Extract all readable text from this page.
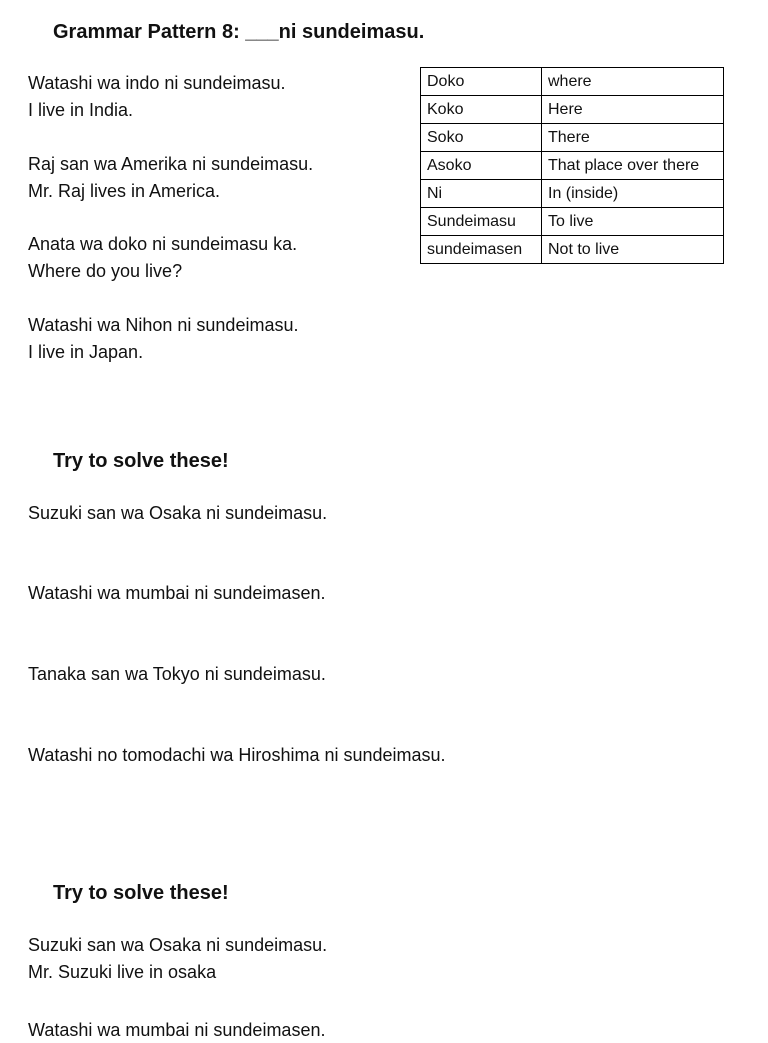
Grammar Pattern 8: ___ni sundeimasu.
Watashi wa indo ni sundeimasu.
I live in India.
Raj san wa Amerika ni sundeimasu.
Mr. Raj lives in America.
Anata wa doko ni sundeimasu ka.
Where do you live?
Watashi wa Nihon ni sundeimasu.
I live in Japan.
Doko	where
Koko	Here
Soko	There
Asoko	That place over there
Ni	In (inside)
Sundeimasu	To live
sundeimasen	Not to live
Try to solve these!
Suzuki san wa Osaka ni sundeimasu.
Watashi wa mumbai ni sundeimasen.
Tanaka san wa Tokyo ni sundeimasu.
Watashi no tomodachi wa Hiroshima ni sundeimasu.
Try to solve these!
Suzuki san wa Osaka ni sundeimasu.
Mr. Suzuki live in osaka
Watashi wa mumbai ni sundeimasen.
